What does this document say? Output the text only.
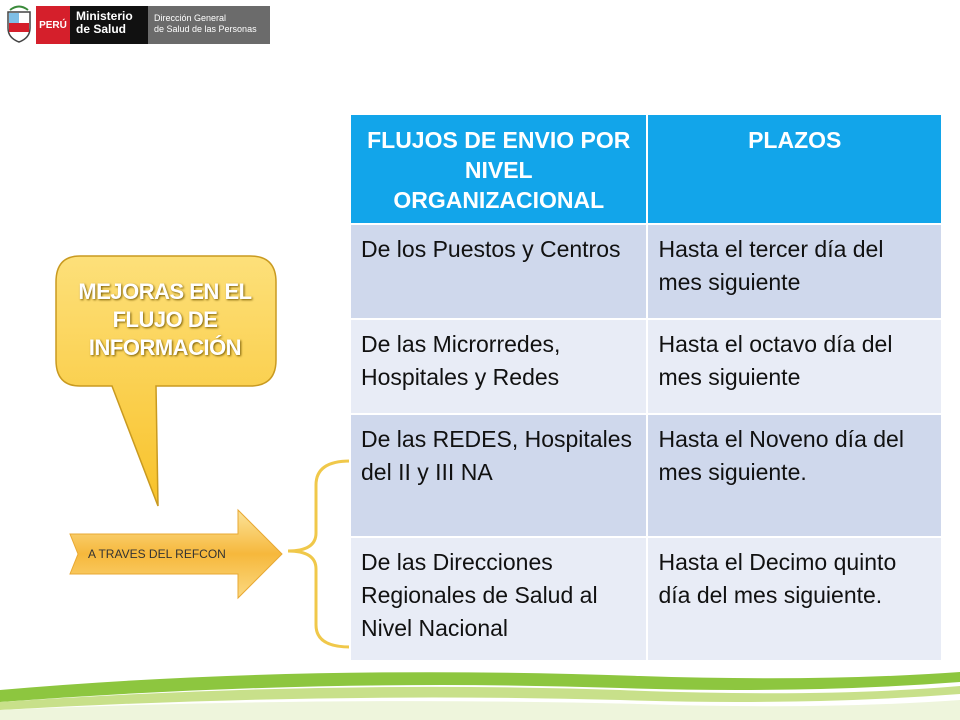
PERÚ
Ministerio
de Salud
Dirección General
de Salud de las Personas
MEJORAS EN EL
FLUJO DE
INFORMACIÓN
A TRAVES DEL REFCON
FLUJOS DE ENVIO POR NIVEL ORGANIZACIONAL	PLAZOS
De los Puestos y Centros	Hasta el tercer día del mes siguiente
De las Microrredes, Hospitales y Redes	Hasta el octavo día del mes siguiente
De las REDES, Hospitales del II y III NA	Hasta el Noveno día del mes siguiente.
De las Direcciones Regionales de Salud al Nivel Nacional	Hasta el Decimo quinto día del mes siguiente.
